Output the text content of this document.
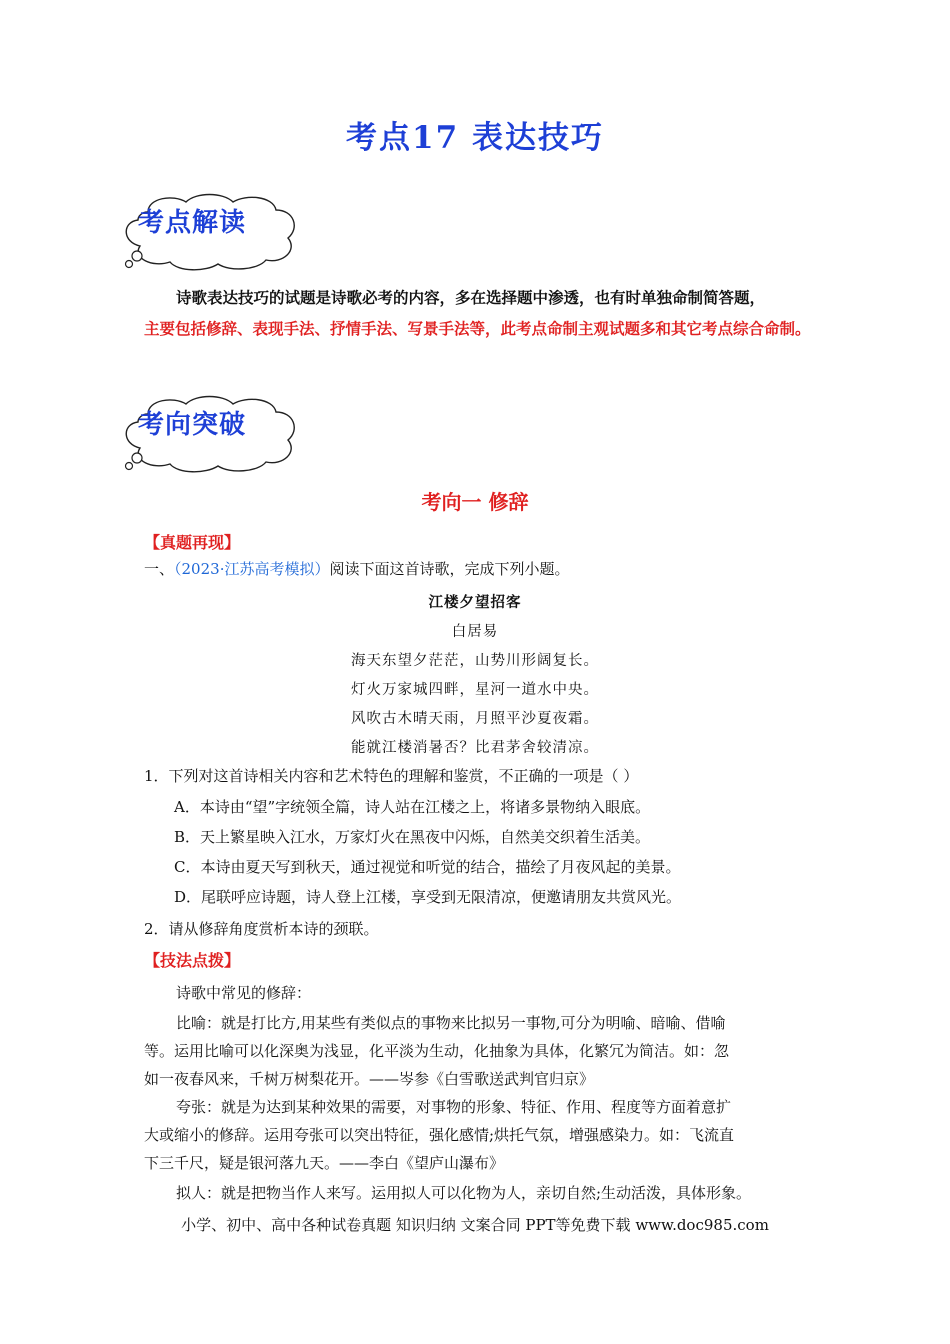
考点17 表达技巧
考点解读
诗歌表达技巧的试题是诗歌必考的内容，多在选择题中渗透，也有时单独命制简答题，
主要包括修辞、表现手法、抒情手法、写景手法等，此考点命制主观试题多和其它考点综合命制。
考向突破
考向一 修辞
【真题再现】
一、（2023·江苏高考模拟）阅读下面这首诗歌，完成下列小题。
江楼夕望招客
白居易
海天东望夕茫茫，山势川形阔复长。
灯火万家城四畔，星河一道水中央。
风吹古木晴天雨，月照平沙夏夜霜。
能就江楼消暑否？比君茅舍较清凉。
1．下列对这首诗相关内容和艺术特色的理解和鉴赏，不正确的一项是（ ）
A．本诗由“望”字统领全篇，诗人站在江楼之上，将诸多景物纳入眼底。
B．天上繁星映入江水，万家灯火在黑夜中闪烁，自然美交织着生活美。
C．本诗由夏天写到秋天，通过视觉和听觉的结合，描绘了月夜风起的美景。
D．尾联呼应诗题，诗人登上江楼，享受到无限清凉，便邀请朋友共赏风光。
2．请从修辞角度赏析本诗的颈联。
【技法点拨】
诗歌中常见的修辞：
比喻：就是打比方,用某些有类似点的事物来比拟另一事物,可分为明喻、暗喻、借喻
等。运用比喻可以化深奥为浅显，化平淡为生动，化抽象为具体，化繁冗为简洁。如：忽
如一夜春风来，千树万树梨花开。——岑参《白雪歌送武判官归京》
夸张：就是为达到某种效果的需要，对事物的形象、特征、作用、程度等方面着意扩
大或缩小的修辞。运用夸张可以突出特征，强化感情;烘托气氛，增强感染力。如：飞流直
下三千尺，疑是银河落九天。——李白《望庐山瀑布》
拟人：就是把物当作人来写。运用拟人可以化物为人，亲切自然;生动活泼，具体形象。
小学、初中、高中各种试卷真题 知识归纳 文案合同 PPT等免费下载 www.doc985.com
